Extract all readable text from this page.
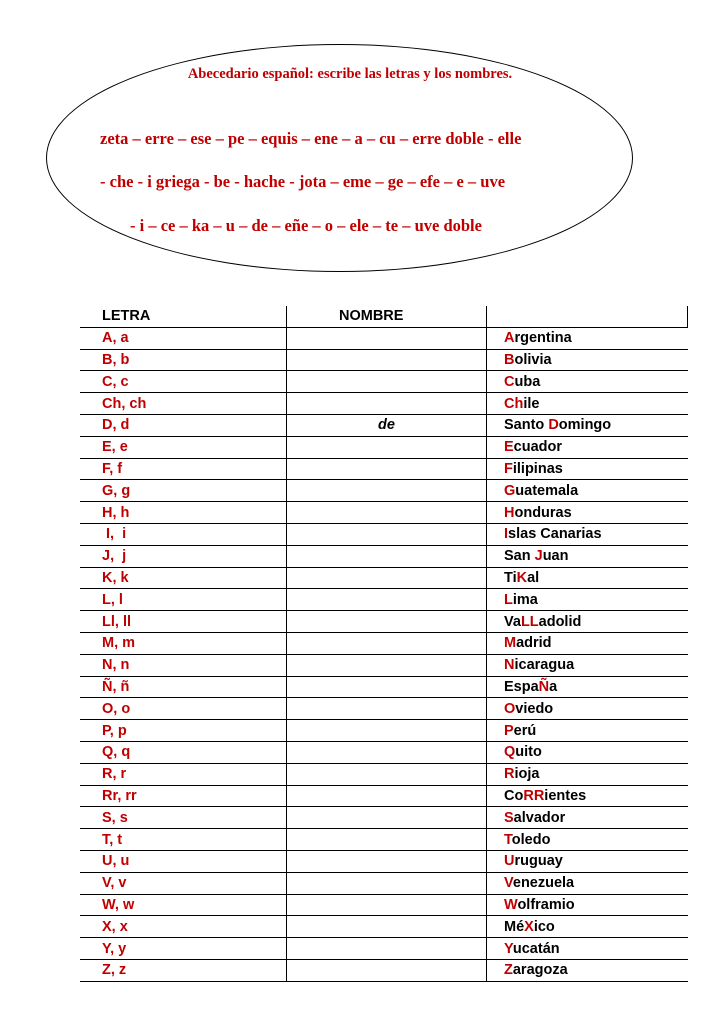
Abecedario español: escribe las letras y los nombres.
zeta – erre – ese – pe – equis – ene – a – cu – erre doble - elle
- che - i griega - be - hache - jota – eme – ge – efe – e – uve
- i – ce – ka – u – de – eñe – o – ele – te – uve doble
LETRA	NOMBRE	
A, a		Argentina
B, b		Bolivia
C, c		Cuba
Ch, ch		Chile
D, d	de	Santo Domingo
E, e		Ecuador
F, f		Filipinas
G, g		Guatemala
H, h		Honduras
I,  i		Islas Canarias
J,  j		San Juan
K, k		TiKal
L, l		Lima
Ll, ll		VaLLadolid
M, m		Madrid
N, n		Nicaragua
Ñ, ñ		EspaÑa
O, o		Oviedo
P, p		Perú
Q, q		Quito
R, r		Rioja
Rr, rr		CoRRientes
S, s		Salvador
T, t		Toledo
U, u		Uruguay
V, v		Venezuela
W, w		Wolframio
X, x		MéXico
Y, y		Yucatán
Z, z		Zaragoza
